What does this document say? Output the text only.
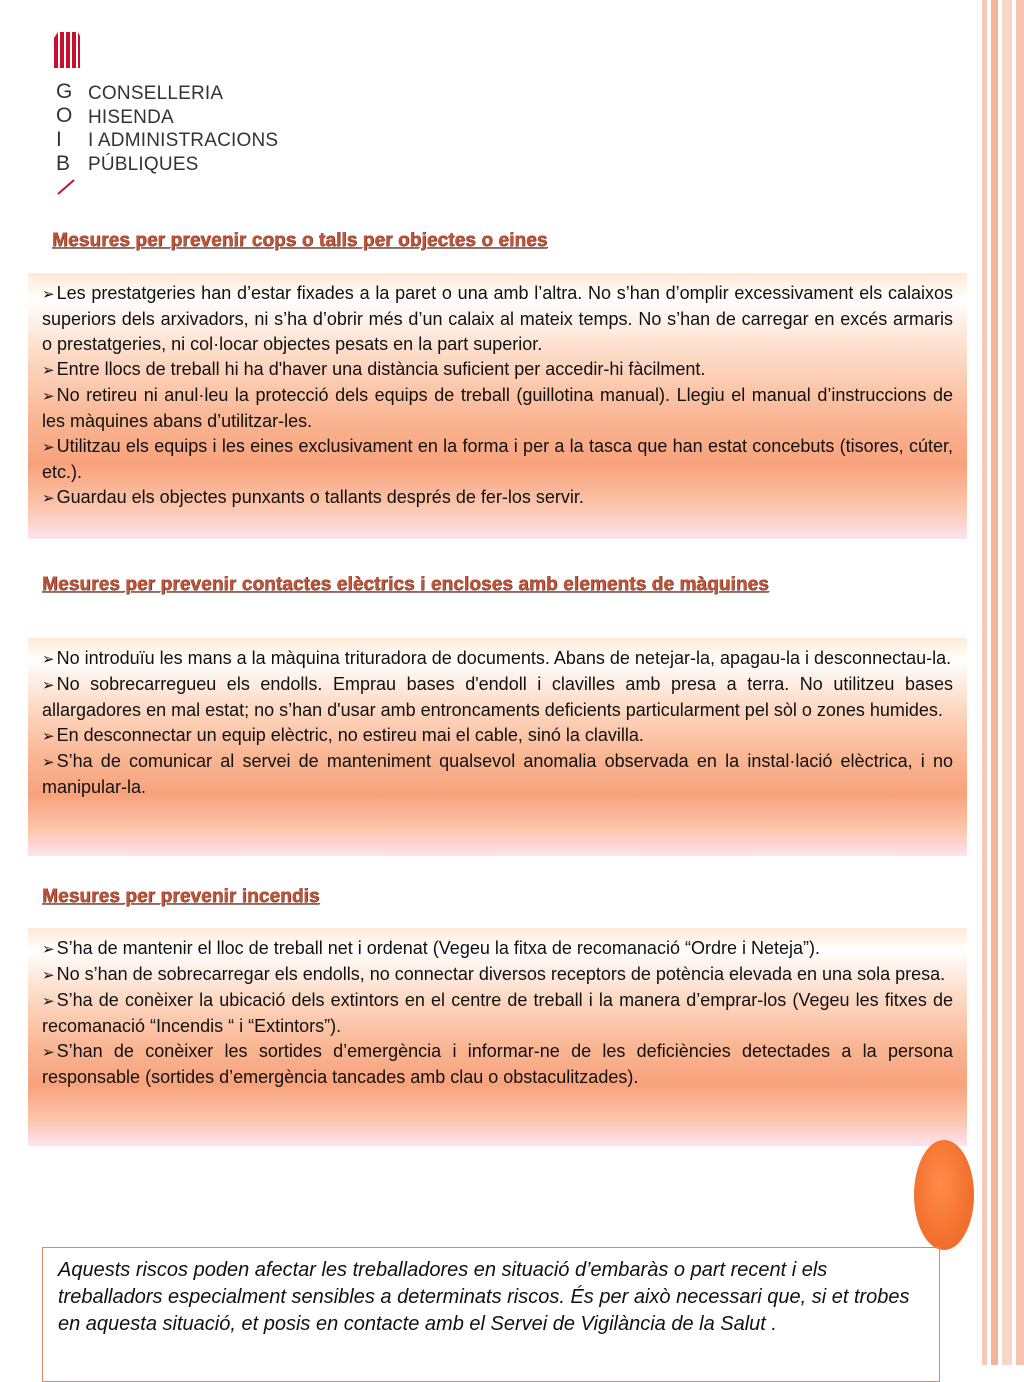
G
O
I
B
CONSELLERIA
HISENDA
I ADMINISTRACIONS
PÚBLIQUES
Mesures per prevenir cops o talls per objectes o eines

➢ Les prestatgeries han d’estar fixades a la paret o una amb l’altra. No s’han d’omplir excessivament els calaixos superiors dels arxivadors, ni s’ha d’obrir més d’un calaix al mateix temps. No s’han de carregar en excés armaris o prestatgeries, ni col·locar objectes pesats en la part superior.

➢ Entre llocs de treball hi ha d'haver una distància suficient per accedir-hi fàcilment.

➢ No retireu ni anul·leu la protecció dels equips de treball (guillotina manual). Llegiu el manual d’instruccions de les màquines abans d’utilitzar-les.

➢ Utilitzau els equips i les eines exclusivament en la forma i per a la tasca que han estat concebuts (tisores, cúter, etc.).

➢ Guardau els objectes punxants o tallants després de fer-los servir.

Mesures per prevenir contactes elèctrics i encloses amb elements de màquines

➢ No introduïu les mans a la màquina trituradora de documents. Abans de netejar-la, apagau-la i desconnectau-la.

➢ No sobrecarregueu els endolls. Emprau bases d'endoll i clavilles amb presa a terra. No utilitzeu bases allargadores en mal estat; no s’han d'usar amb entroncaments deficients particularment pel sòl o zones humides.

➢ En desconnectar un equip elèctric, no estireu mai el cable, sinó la clavilla.

➢ S’ha de comunicar al servei de manteniment qualsevol anomalia observada en la instal·lació elèctrica, i no manipular-la.

Mesures per prevenir incendis

➢ S’ha de mantenir el lloc de treball net i ordenat (Vegeu la fitxa de recomanació “Ordre i Neteja”).

➢ No s’han de sobrecarregar els endolls, no connectar diversos receptors de potència elevada en una sola presa.

➢ S’ha de conèixer la ubicació dels extintors en el centre de treball i la manera d’emprar-los (Vegeu les fitxes de recomanació “Incendis “ i “Extintors”).

➢ S’han de conèixer les sortides d’emergència i informar-ne de les deficiències detectades a la persona responsable (sortides d’emergència tancades amb clau o obstaculitzades).

Aquests riscos poden afectar les treballadores en situació d’embaràs o part recent i els treballadors especialment sensibles a determinats riscos. És per això necessari que, si et trobes en aquesta situació, et posis en contacte amb el Servei de Vigilància de la Salut .
